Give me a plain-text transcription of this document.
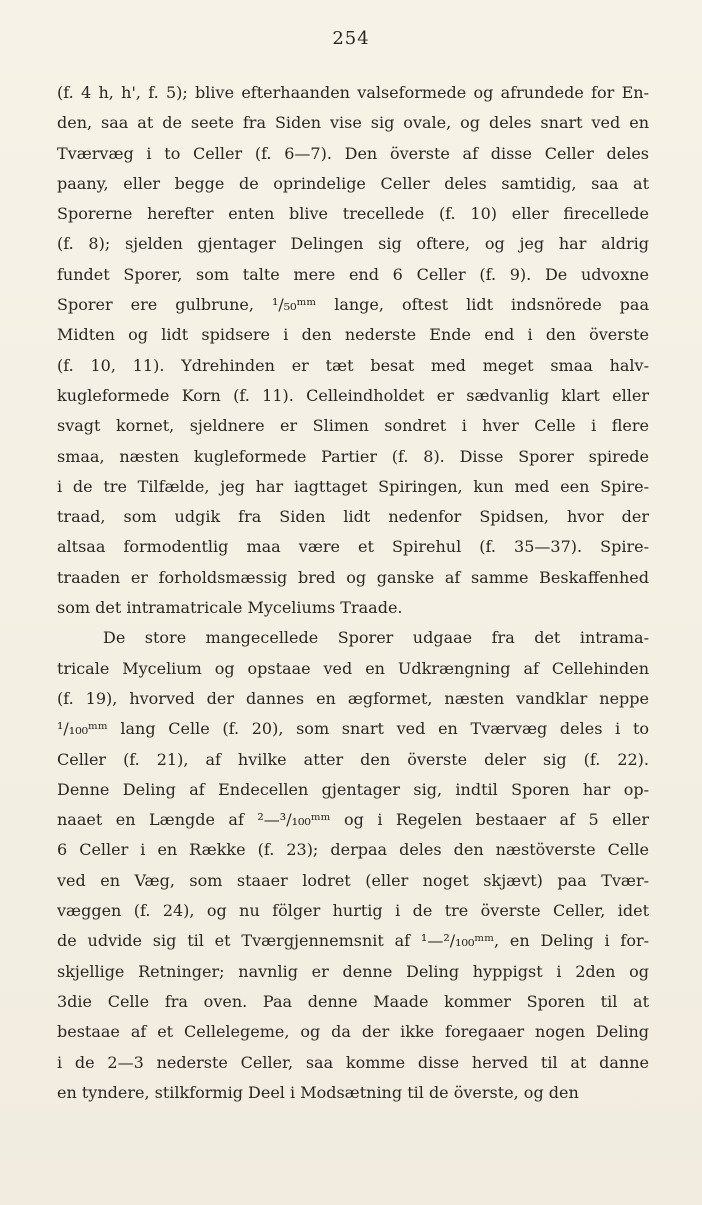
254
(f. 4 h, h', f. 5); blive efterhaanden valseformede og afrundede for En-
den, saa at de seete fra Siden vise sig ovale, og deles snart ved en
Tværvæg i to Celler (f. 6—7). Den överste af disse Celler deles
paany, eller begge de oprindelige Celler deles samtidig, saa at
Sporerne herefter enten blive trecellede (f. 10) eller firecellede
(f. 8); sjelden gjentager Delingen sig oftere, og jeg har aldrig
fundet Sporer, som talte mere end 6 Celler (f. 9). De udvoxne
Sporer ere gulbrune, ¹/₅₀ᵐᵐ lange, oftest lidt indsnörede paa
Midten og lidt spidsere i den nederste Ende end i den överste
(f. 10, 11). Ydrehinden er tæt besat med meget smaa halv-
kugleformede Korn (f. 11). Celleindholdet er sædvanlig klart eller
svagt kornet, sjeldnere er Slimen sondret i hver Celle i flere
smaa, næsten kugleformede Partier (f. 8). Disse Sporer spirede
i de tre Tilfælde, jeg har iagttaget Spiringen, kun med een Spire-
traad, som udgik fra Siden lidt nedenfor Spidsen, hvor der
altsaa formodentlig maa være et Spirehul (f. 35—37). Spire-
traaden er forholdsmæssig bred og ganske af samme Beskaffenhed
som det intramatricale Myceliums Traade.
De store mangecellede Sporer udgaae fra det intrama-
tricale Mycelium og opstaae ved en Udkrængning af Cellehinden
(f. 19), hvorved der dannes en ægformet, næsten vandklar neppe
¹/₁₀₀ᵐᵐ lang Celle (f. 20), som snart ved en Tværvæg deles i to
Celler (f. 21), af hvilke atter den överste deler sig (f. 22).
Denne Deling af Endecellen gjentager sig, indtil Sporen har op-
naaet en Længde af ²—³/₁₀₀ᵐᵐ og i Regelen bestaaer af 5 eller
6 Celler i en Række (f. 23); derpaa deles den næstöverste Celle
ved en Væg, som staaer lodret (eller noget skjævt) paa Tvær-
væggen (f. 24), og nu fölger hurtig i de tre överste Celler, idet
de udvide sig til et Tværgjennemsnit af ¹—²/₁₀₀ᵐᵐ, en Deling i for-
skjellige Retninger; navnlig er denne Deling hyppigst i 2den og
3die Celle fra oven. Paa denne Maade kommer Sporen til at
bestaae af et Cellelegeme, og da der ikke foregaaer nogen Deling
i de 2—3 nederste Celler, saa komme disse herved til at danne
en tyndere, stilkformig Deel i Modsætning til de överste, og den
